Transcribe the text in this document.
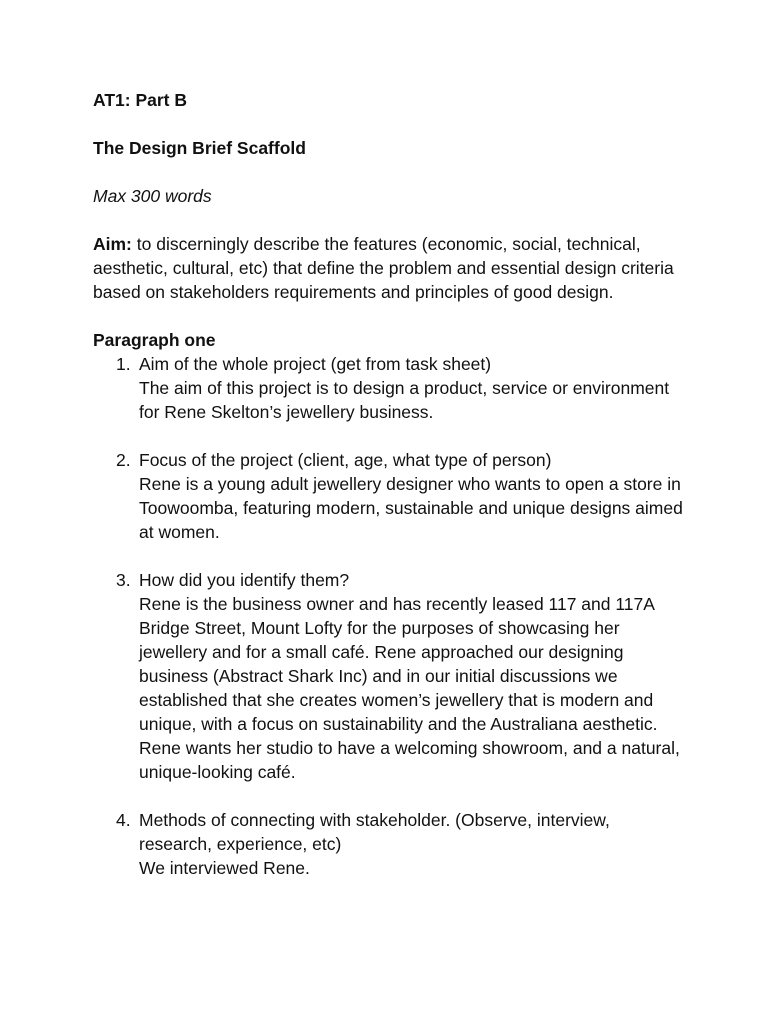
AT1: Part B

The Design Brief Scaffold

Max 300 words

Aim: to discerningly describe the features (economic, social, technical, aesthetic, cultural, etc) that define the problem and essential design criteria based on stakeholders requirements and principles of good design.

Paragraph one

1. Aim of the whole project (get from task sheet)
The aim of this project is to design a product, service or environment for Rene Skelton’s jewellery business.
2. Focus of the project (client, age, what type of person)
Rene is a young adult jewellery designer who wants to open a store in Toowoomba, featuring modern, sustainable and unique designs aimed at women.
3. How did you identify them?
Rene is the business owner and has recently leased 117 and 117A Bridge Street, Mount Lofty for the purposes of showcasing her jewellery and for a small café. Rene approached our designing business (Abstract Shark Inc) and in our initial discussions we established that she creates women’s jewellery that is modern and unique, with a focus on sustainability and the Australiana aesthetic. Rene wants her studio to have a welcoming showroom, and a natural, unique-looking café.
4. Methods of connecting with stakeholder. (Observe, interview, research, experience, etc)
We interviewed Rene.
